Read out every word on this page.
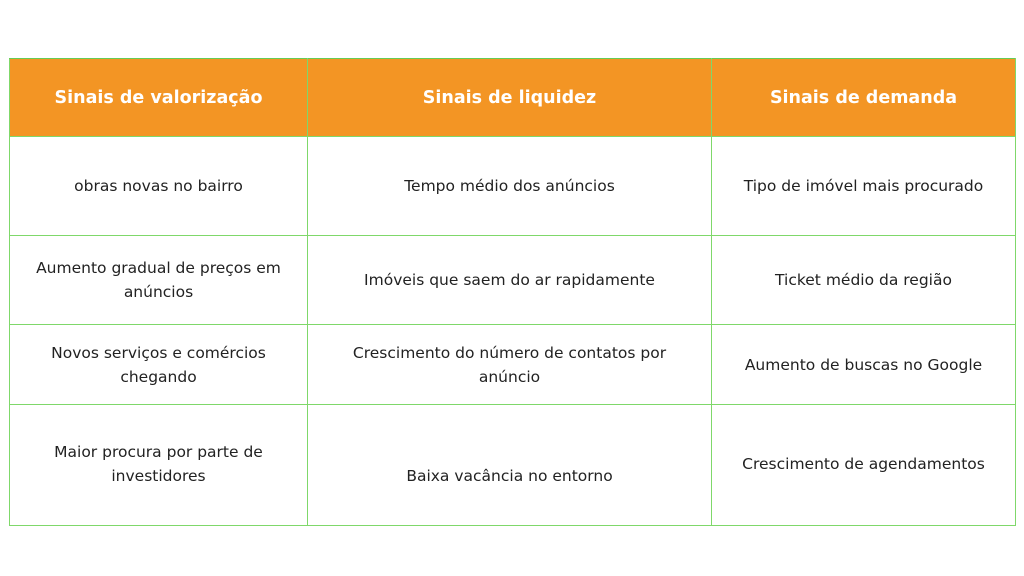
Sinais de valorização	Sinais de liquidez	Sinais de demanda
obras novas no bairro	Tempo médio dos anúncios	Tipo de imóvel mais procurado
Aumento gradual de preços em anúncios	Imóveis que saem do ar rapidamente	Ticket médio da região
Novos serviços e comércios chegando	Crescimento do número de contatos por anúncio	Aumento de buscas no Google
Maior procura por parte de investidores	Baixa vacância no entorno	Crescimento de agendamentos
